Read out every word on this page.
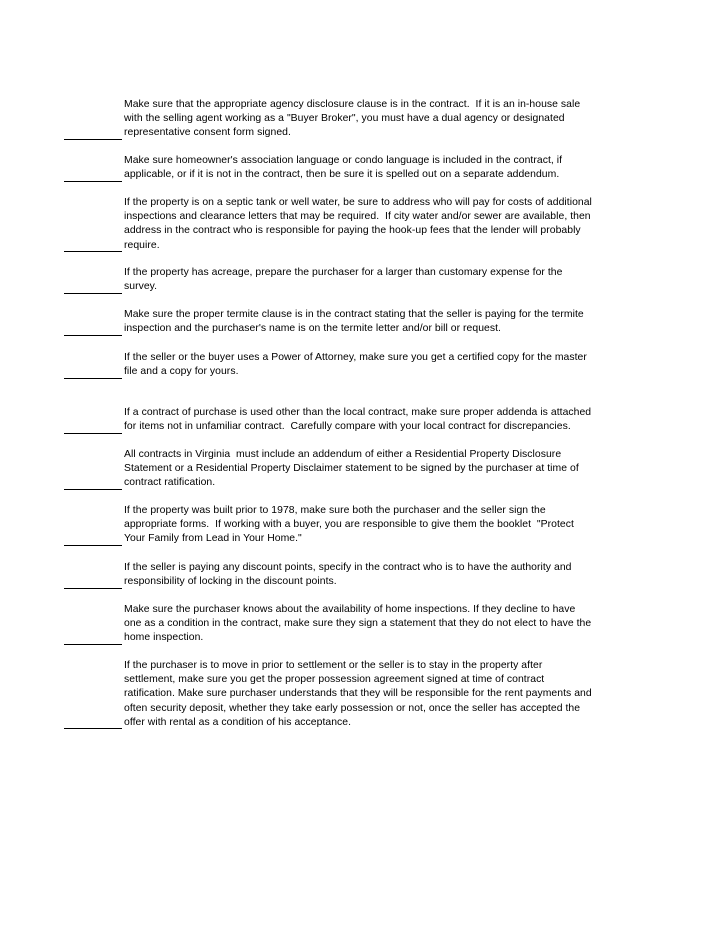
Make sure that the appropriate agency disclosure clause is in the contract.  If it is an in-house sale
with the selling agent working as a "Buyer Broker", you must have a dual agency or designated
representative consent form signed.
Make sure homeowner's association language or condo language is included in the contract, if
applicable, or if it is not in the contract, then be sure it is spelled out on a separate addendum.
If the property is on a septic tank or well water, be sure to address who will pay for costs of additional
inspections and clearance letters that may be required.  If city water and/or sewer are available, then
address in the contract who is responsible for paying the hook-up fees that the lender will probably
require.
If the property has acreage, prepare the purchaser for a larger than customary expense for the
survey.
Make sure the proper termite clause is in the contract stating that the seller is paying for the termite
inspection and the purchaser's name is on the termite letter and/or bill or request.
If the seller or the buyer uses a Power of Attorney, make sure you get a certified copy for the master
file and a copy for yours.
If a contract of purchase is used other than the local contract, make sure proper addenda is attached
for items not in unfamiliar contract.  Carefully compare with your local contract for discrepancies.
All contracts in Virginia  must include an addendum of either a Residential Property Disclosure
Statement or a Residential Property Disclaimer statement to be signed by the purchaser at time of
contract ratification.
If the property was built prior to 1978, make sure both the purchaser and the seller sign the
appropriate forms.  If working with a buyer, you are responsible to give them the booklet  "Protect
Your Family from Lead in Your Home."
If the seller is paying any discount points, specify in the contract who is to have the authority and
responsibility of locking in the discount points.
Make sure the purchaser knows about the availability of home inspections. If they decline to have
one as a condition in the contract, make sure they sign a statement that they do not elect to have the
home inspection.
If the purchaser is to move in prior to settlement or the seller is to stay in the property after
settlement, make sure you get the proper possession agreement signed at time of contract
ratification. Make sure purchaser understands that they will be responsible for the rent payments and
often security deposit, whether they take early possession or not, once the seller has accepted the
offer with rental as a condition of his acceptance.
